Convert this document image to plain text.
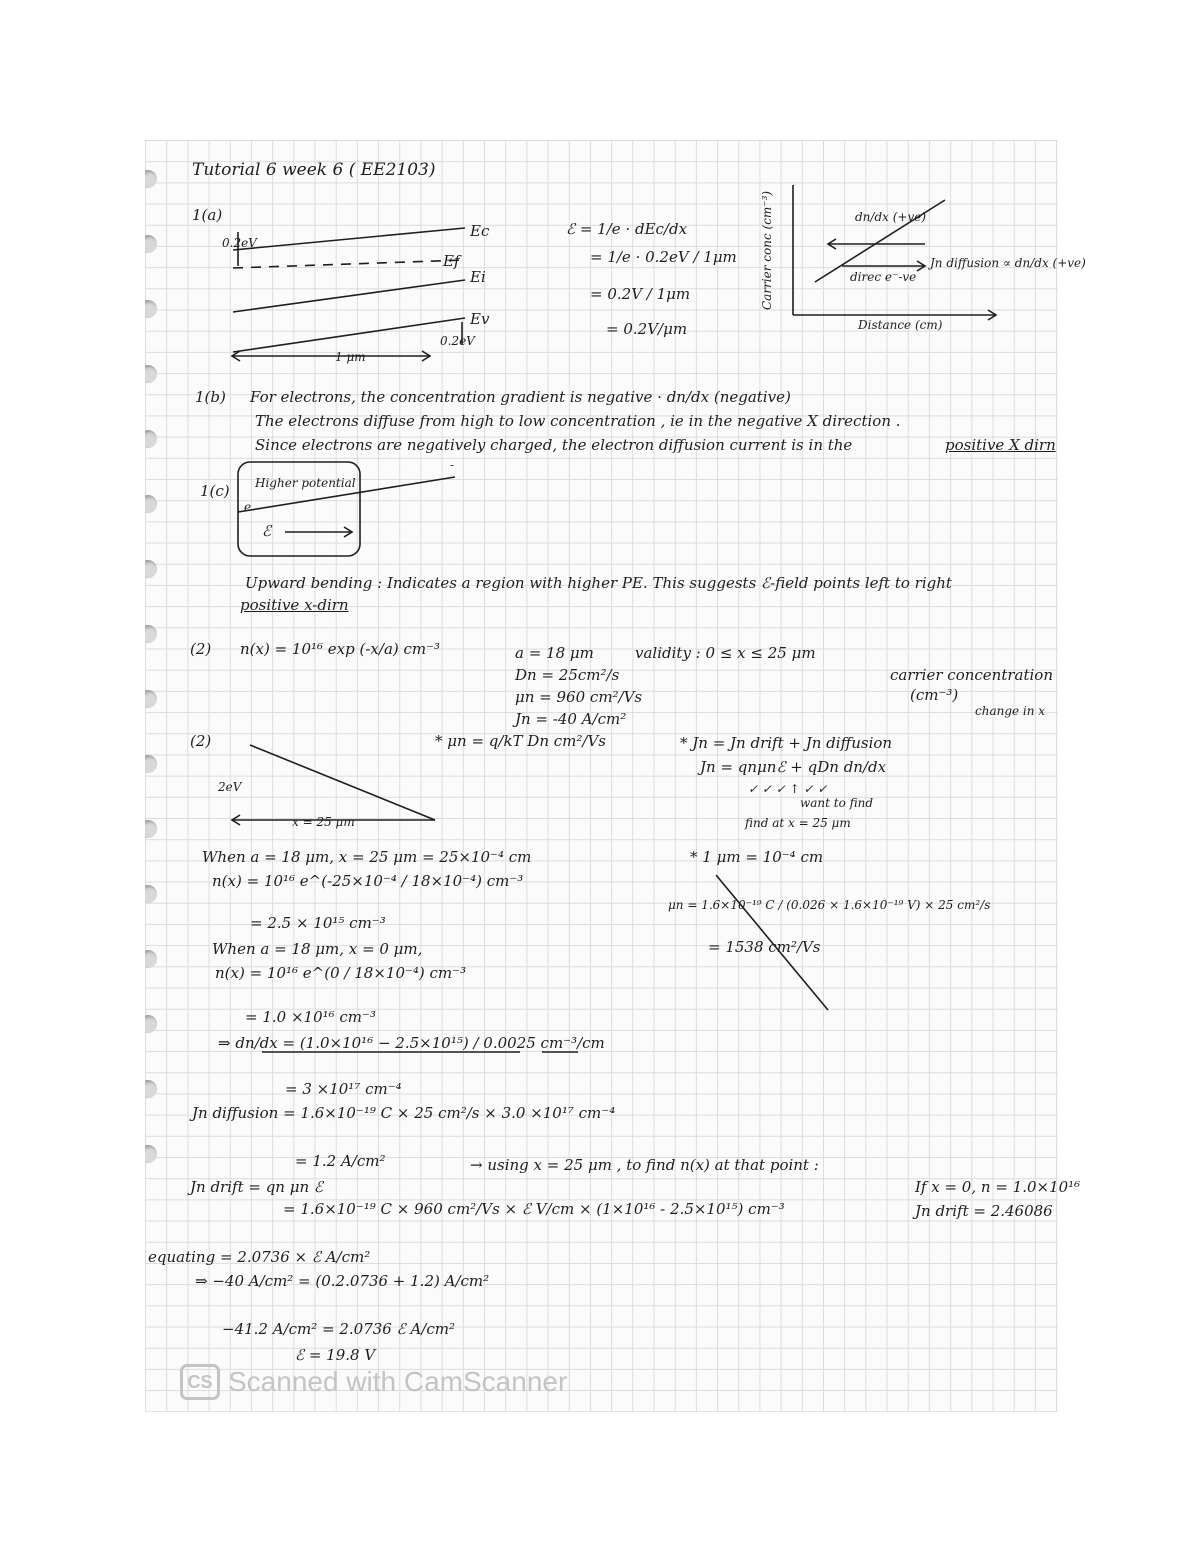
Tutorial 6 week 6 ( EE2103)
1(a)
0.2eV
Ec
Ef
Ei
Ev
0.2eV
1 μm
ℰ = 1/e · dEc/dx
= 1/e · 0.2eV / 1μm
= 0.2V / 1μm
= 0.2V/μm
Carrier conc (cm⁻³)
Distance (cm)
dn/dx (+ve)
direc e⁻-ve
Jn diffusion ∝ dn/dx (+ve)
1(b) For electrons, the concentration gradient is negative · dn/dx (negative)
The electrons diffuse from high to low concentration , ie in the negative X direction .
Since electrons are negatively charged, the electron diffusion current is in the	positive X dirn
1(c) Higher potential
-
e
ℰ
Upward bending : Indicates a region with higher PE. This suggests ℰ-field points left to right
positive x-dirn
(2) n(x) = 10¹⁶ exp (-x/a) cm⁻³	a = 18 μm
Dn = 25cm²/s
μn = 960 cm²/Vs
Jn = -40 A/cm²
validity : 0 ≤ x ≤ 25 μm
carrier concentration
(cm⁻³)
change in x
(2)
2eV
x = 25 μm
* μn = q/kT Dn cm²/Vs	* Jn = Jn drift + Jn diffusion
Jn = qnμnℰ + qDn dn/dx
✓ ✓ ✓ ↑ ✓ ✓
want to find
find at x = 25 μm
* 1 μm = 10⁻⁴ cm
μn = 1.6×10⁻¹⁹ C / (0.026 × 1.6×10⁻¹⁹ V) × 25 cm²/s
= 1538 cm²/Vs
When a = 18 μm, x = 25 μm = 25×10⁻⁴ cm
n(x) = 10¹⁶ e^(-25×10⁻⁴ / 18×10⁻⁴) cm⁻³
= 2.5 × 10¹⁵ cm⁻³
When a = 18 μm, x = 0 μm,
n(x) = 10¹⁶ e^(0 / 18×10⁻⁴) cm⁻³
= 1.0 ×10¹⁶ cm⁻³
⇒ dn/dx = (1.0×10¹⁶ − 2.5×10¹⁵) / 0.0025 cm⁻³/cm
= 3 ×10¹⁷ cm⁻⁴
Jn diffusion = 1.6×10⁻¹⁹ C × 25 cm²/s × 3.0 ×10¹⁷ cm⁻⁴
= 1.2 A/cm²	→ using x = 25 μm , to find n(x) at that point :
Jn drift = qn μn ℰ
= 1.6×10⁻¹⁹ C × 960 cm²/Vs × ℰ V/cm × (1×10¹⁶ - 2.5×10¹⁵) cm⁻³
equating = 2.0736 × ℰ A/cm²
⇒ −40 A/cm² = (0.2.0736 + 1.2) A/cm²
−41.2 A/cm² = 2.0736 ℰ A/cm²
ℰ = 19.8 V
If x = 0, n = 1.0×10¹⁶
Jn drift = 2.46086
CS Scanned with CamScanner
